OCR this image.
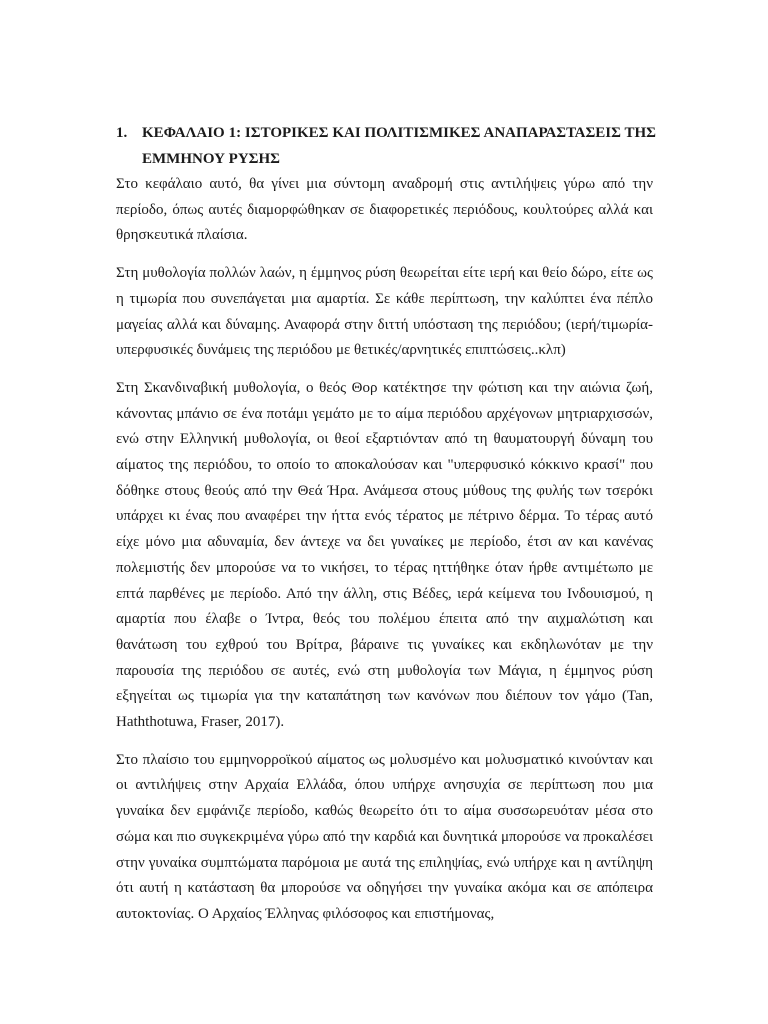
1. ΚΕΦΑΛΑΙΟ 1: ΙΣΤΟΡΙΚΕΣ ΚΑΙ ΠΟΛΙΤΙΣΜΙΚΕΣ ΑΝΑΠΑΡΑΣΤΑΣΕΙΣ ΤΗΣ ΕΜΜΗΝΟΥ ΡΥΣΗΣ

Στο κεφάλαιο αυτό, θα γίνει μια σύντομη αναδρομή στις αντιλήψεις γύρω από την περίοδο, όπως αυτές διαμορφώθηκαν σε διαφορετικές περιόδους, κουλτούρες αλλά και θρησκευτικά πλαίσια.

Στη μυθολογία πολλών λαών, η έμμηνος ρύση θεωρείται είτε ιερή και θείο δώρο, είτε ως η τιμωρία που συνεπάγεται μια αμαρτία. Σε κάθε περίπτωση, την καλύπτει ένα πέπλο μαγείας αλλά και δύναμης. Αναφορά στην διττή υπόσταση της περιόδου; (ιερή/τιμωρία- υπερφυσικές δυνάμεις της περιόδου με θετικές/αρνητικές επιπτώσεις..κλπ)

Στη Σκανδιναβική μυθολογία, ο θεός Θορ κατέκτησε την φώτιση και την αιώνια ζωή, κάνοντας μπάνιο σε ένα ποτάμι γεμάτο με το αίμα περιόδου αρχέγονων μητριαρχισσών, ενώ στην Ελληνική μυθολογία, οι θεοί εξαρτιόνταν από τη θαυματουργή δύναμη του αίματος της περιόδου, το οποίο το αποκαλούσαν και "υπερφυσικό κόκκινο κρασί" που δόθηκε στους θεούς από την Θεά Ήρα. Ανάμεσα στους μύθους της φυλής των τσερόκι υπάρχει κι ένας που αναφέρει την ήττα ενός τέρατος με πέτρινο δέρμα. Το τέρας αυτό είχε μόνο μια αδυναμία, δεν άντεχε να δει γυναίκες με περίοδο, έτσι αν και κανένας πολεμιστής δεν μπορούσε να το νικήσει, το τέρας ηττήθηκε όταν ήρθε αντιμέτωπο με επτά παρθένες με περίοδο. Από την άλλη, στις Βέδες, ιερά κείμενα του Ινδουισμού, η αμαρτία που έλαβε ο Ίντρα, θεός του πολέμου έπειτα από την αιχμαλώτιση και θανάτωση του εχθρού του Βρίτρα, βάραινε τις γυναίκες και εκδηλωνόταν με την παρουσία της περιόδου σε αυτές, ενώ στη μυθολογία των Μάγια, η έμμηνος ρύση εξηγείται ως τιμωρία για την καταπάτηση των κανόνων που διέπουν τον γάμο (Tan, Haththotuwa, Fraser, 2017).

Στο πλαίσιο του εμμηνορροϊκού αίματος ως μολυσμένο και μολυσματικό κινούνταν και οι αντιλήψεις στην Αρχαία Ελλάδα, όπου υπήρχε ανησυχία σε περίπτωση που μια γυναίκα δεν εμφάνιζε περίοδο, καθώς θεωρείτο ότι το αίμα συσσωρευόταν μέσα στο σώμα και πιο συγκεκριμένα γύρω από την καρδιά και δυνητικά μπορούσε να προκαλέσει στην γυναίκα συμπτώματα παρόμοια με αυτά της επιληψίας, ενώ υπήρχε και η αντίληψη ότι αυτή η κατάσταση θα μπορούσε να οδηγήσει την γυναίκα ακόμα και σε απόπειρα αυτοκτονίας. Ο Αρχαίος Έλληνας φιλόσοφος και επιστήμονας,
